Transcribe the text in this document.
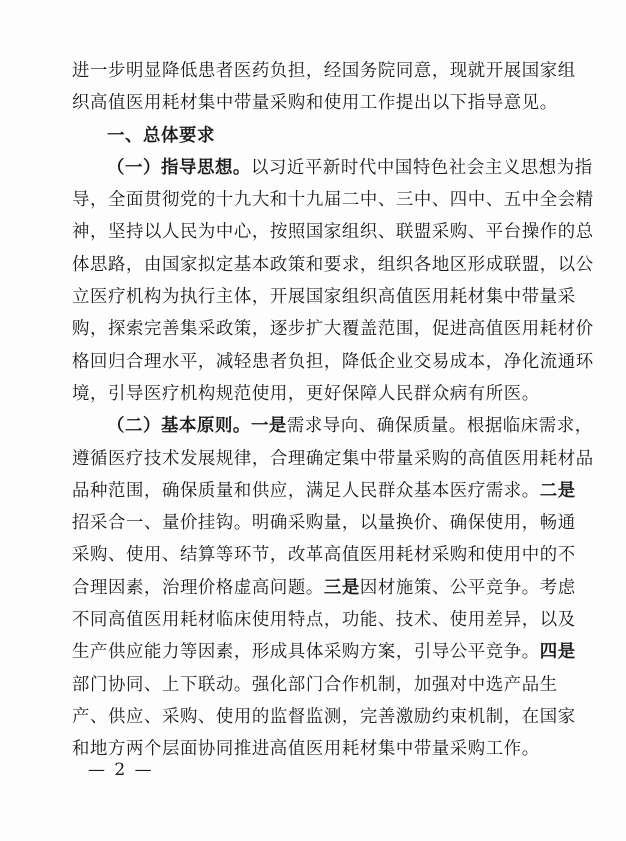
进一步明显降低患者医药负担，经国务院同意，现就开展国家组
织高值医用耗材集中带量采购和使用工作提出以下指导意见。
一、总体要求
（一）指导思想。以习近平新时代中国特色社会主义思想为指
导，全面贯彻党的十九大和十九届二中、三中、四中、五中全会精
神，坚持以人民为中心，按照国家组织、联盟采购、平台操作的总
体思路，由国家拟定基本政策和要求，组织各地区形成联盟，以公
立医疗机构为执行主体，开展国家组织高值医用耗材集中带量采
购，探索完善集采政策，逐步扩大覆盖范围，促进高值医用耗材价
格回归合理水平，减轻患者负担，降低企业交易成本，净化流通环
境，引导医疗机构规范使用，更好保障人民群众病有所医。
（二）基本原则。一是需求导向、确保质量。根据临床需求，
遵循医疗技术发展规律，合理确定集中带量采购的高值医用耗材品
品种范围，确保质量和供应，满足人民群众基本医疗需求。二是
招采合一、量价挂钩。明确采购量，以量换价、确保使用，畅通
采购、使用、结算等环节，改革高值医用耗材采购和使用中的不
合理因素，治理价格虚高问题。三是因材施策、公平竞争。考虑
不同高值医用耗材临床使用特点，功能、技术、使用差异，以及
生产供应能力等因素，形成具体采购方案，引导公平竞争。四是
部门协同、上下联动。强化部门合作机制，加强对中选产品生
产、供应、采购、使用的监督监测，完善激励约束机制，在国家
和地方两个层面协同推进高值医用耗材集中带量采购工作。
— 2 —
